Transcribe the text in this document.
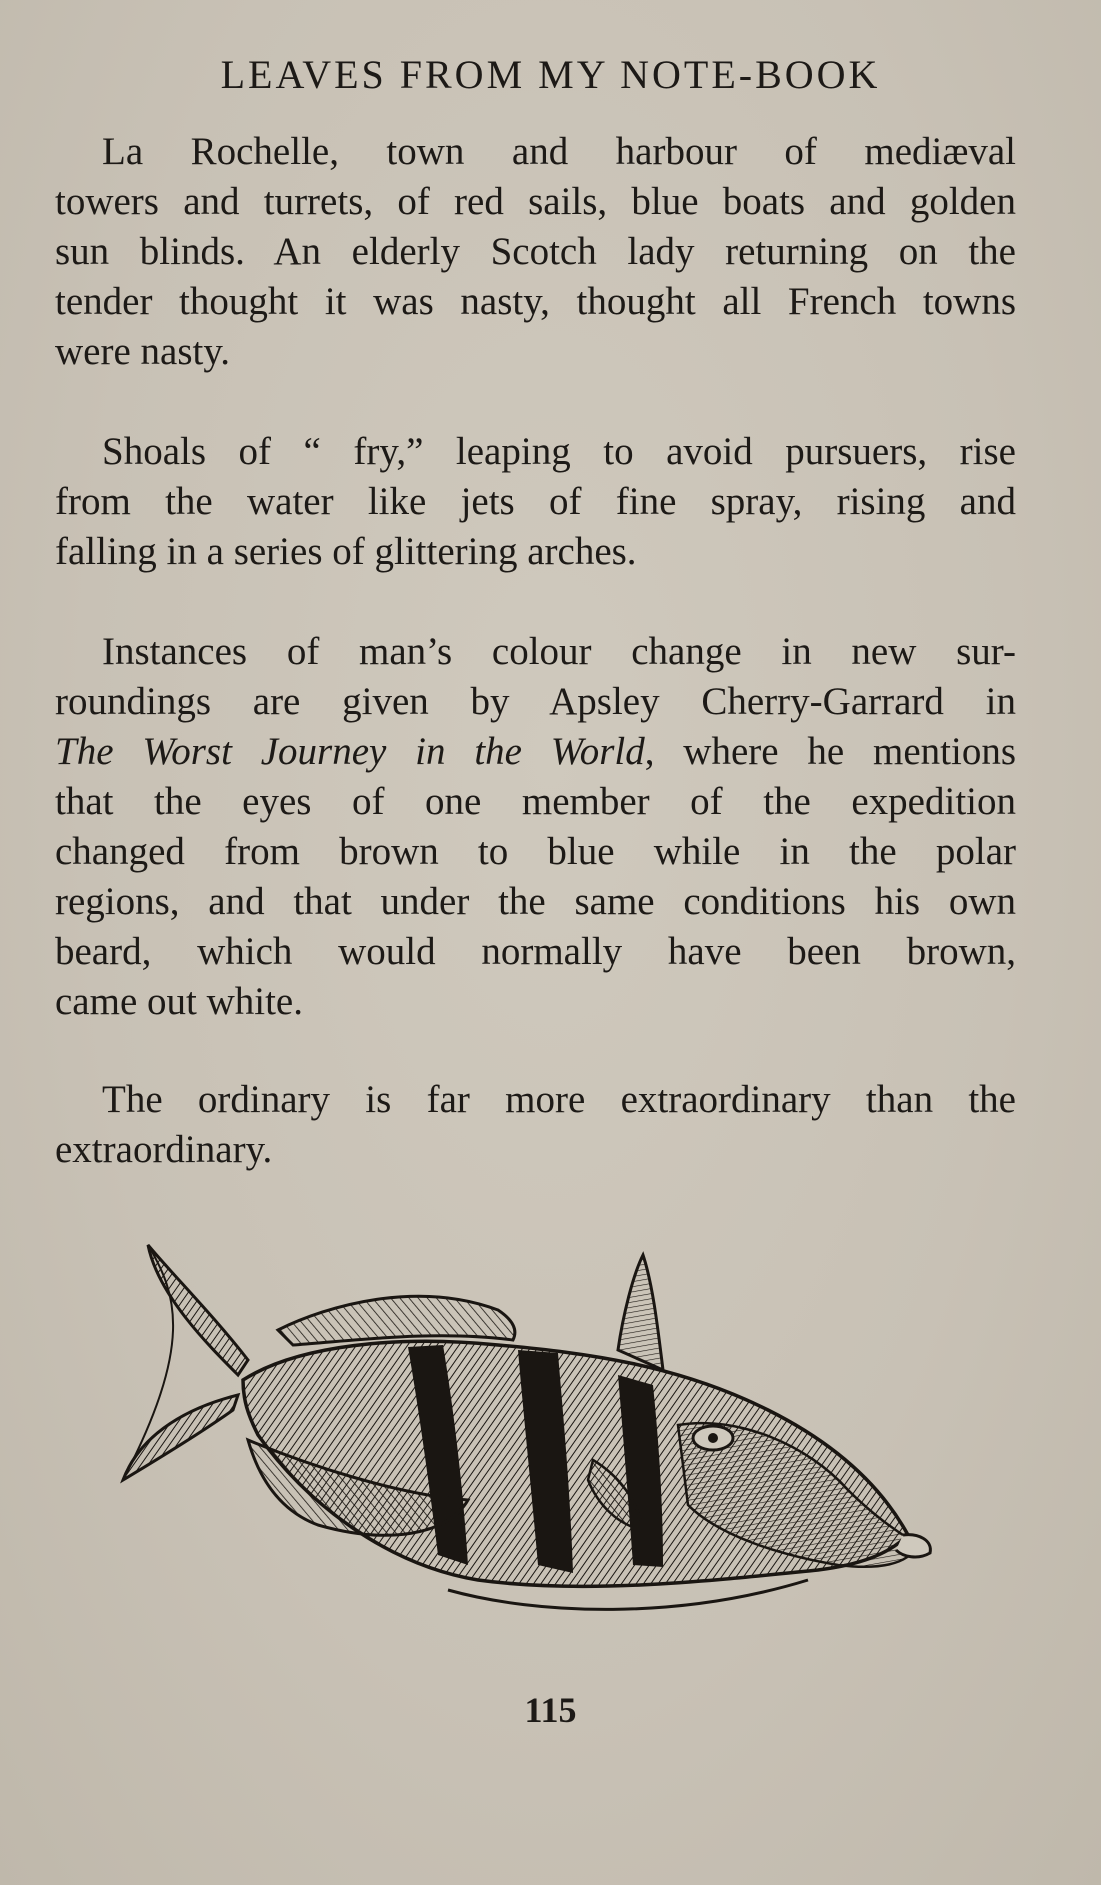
LEAVES FROM MY NOTE-BOOK
La Rochelle, town and harbour of mediæval
towers and turrets, of red sails, blue boats and golden
sun blinds. An elderly Scotch lady returning on the
tender thought it was nasty, thought all French towns
were nasty.
Shoals of “ fry,” leaping to avoid pursuers, rise
from the water like jets of fine spray, rising and
falling in a series of glittering arches.
Instances of man’s colour change in new sur-
roundings are given by Apsley Cherry-Garrard in
The Worst Journey in the World, where he mentions
that the eyes of one member of the expedition
changed from brown to blue while in the polar
regions, and that under the same conditions his own
beard, which would normally have been brown,
came out white.
The ordinary is far more extraordinary than the
extraordinary.
115
